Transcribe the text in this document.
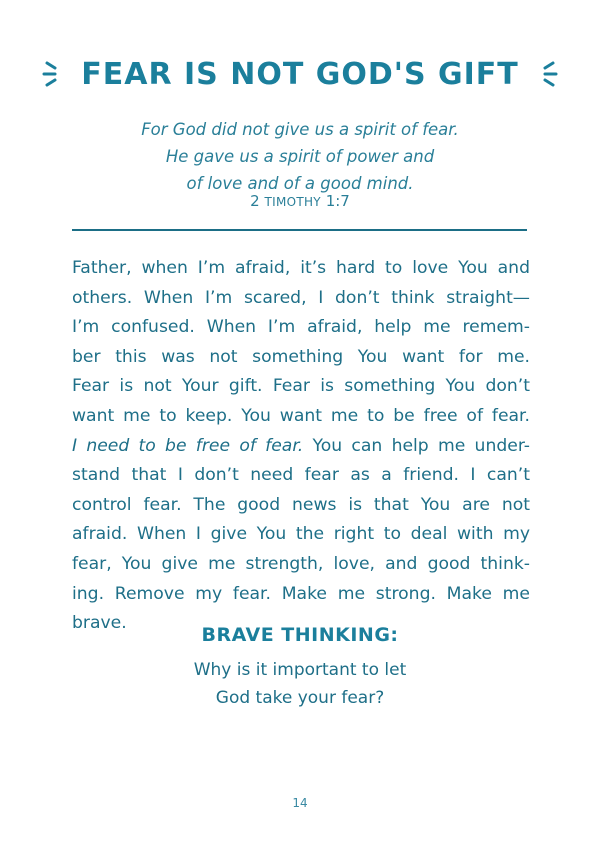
FEAR IS NOT GOD'S GIFT
For God did not give us a spirit of fear.
He gave us a spirit of power and
of love and of a good mind.
2 TIMOTHY 1:7
Father, when I’m afraid, it’s hard to love You and
others. When I’m scared, I don’t think straight—
I’m confused. When I’m afraid, help me remem-
ber this was not something You want for me.
Fear is not Your gift. Fear is something You don’t
want me to keep. You want me to be free of fear.
I need to be free of fear. You can help me under-
stand that I don’t need fear as a friend. I can’t
control fear. The good news is that You are not
afraid. When I give You the right to deal with my
fear, You give me strength, love, and good think-
ing. Remove my fear. Make me strong. Make me
brave.
BRAVE THINKING:
Why is it important to let
God take your fear?
14
